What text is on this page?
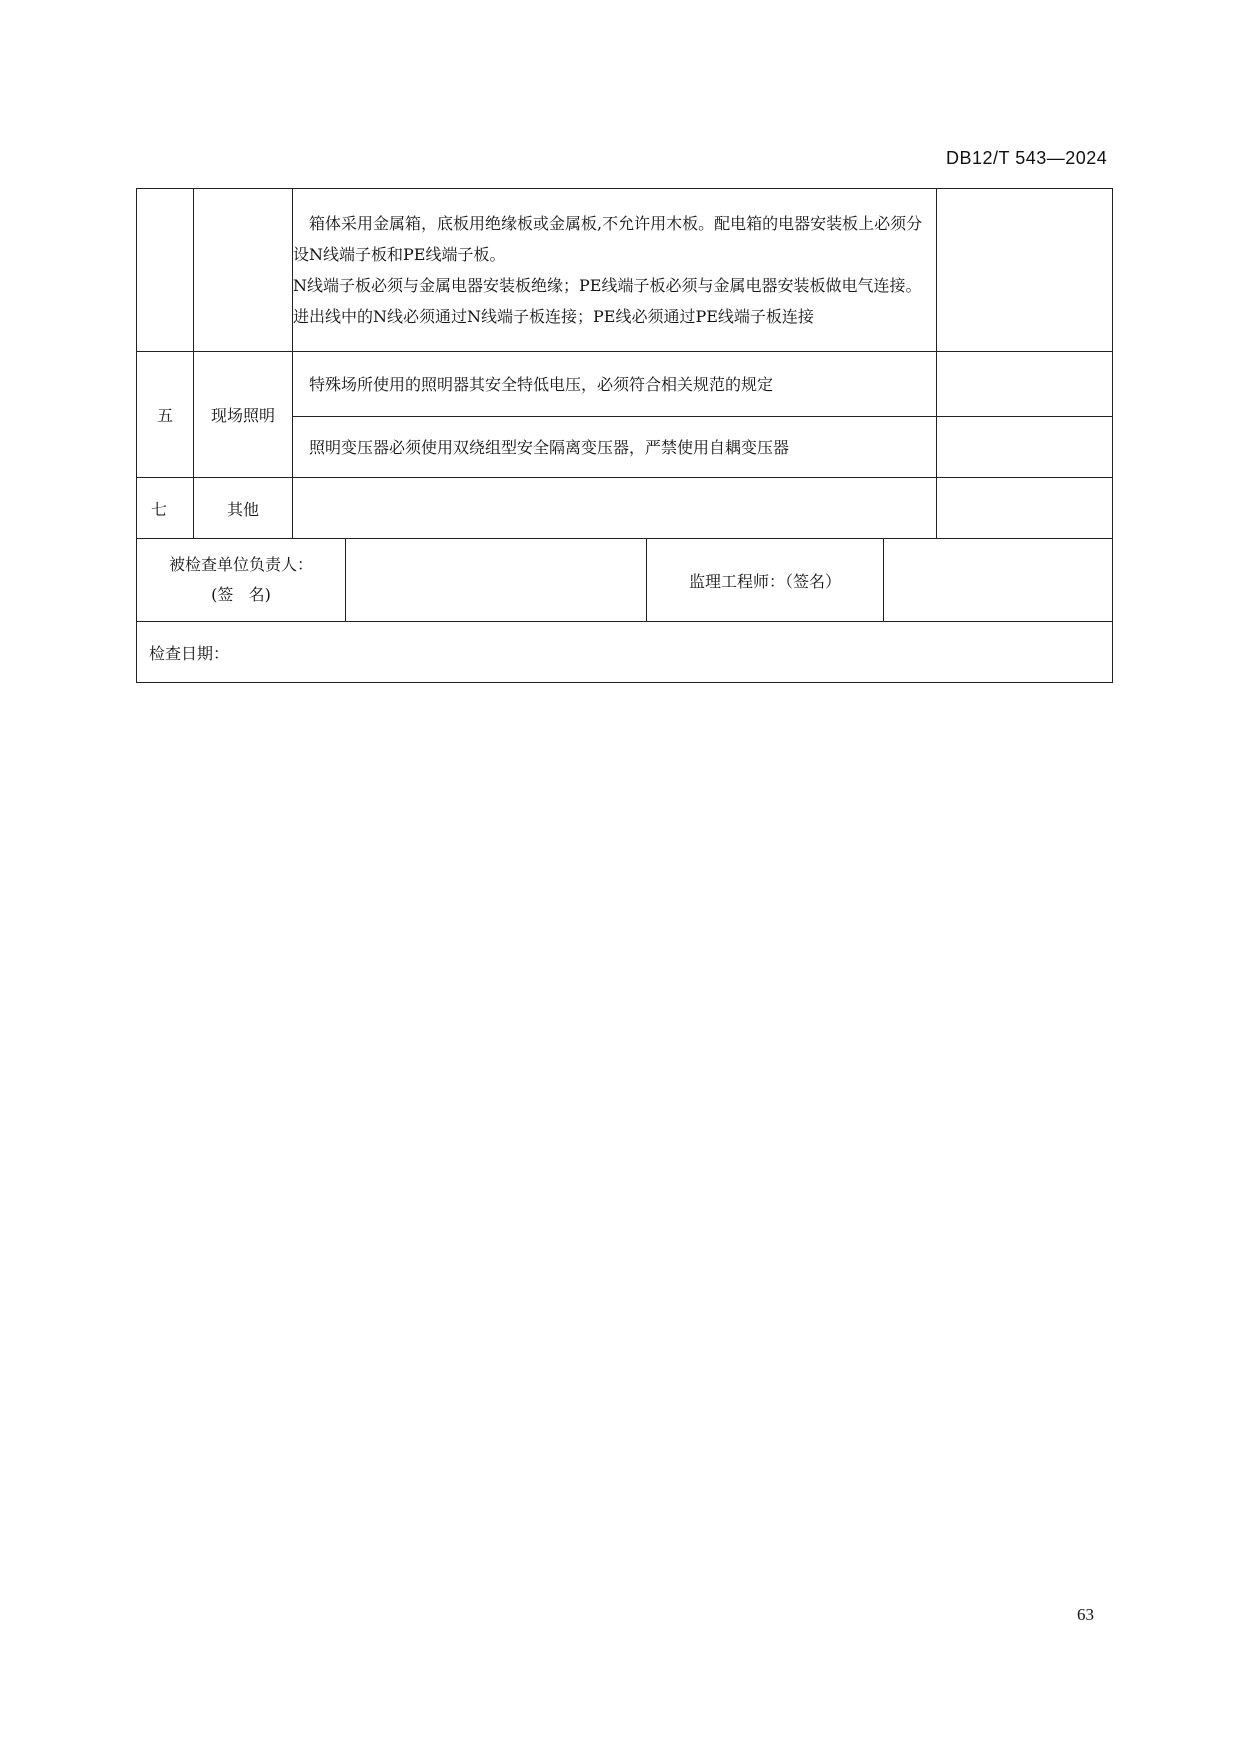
DB12/T 543—2024

		箱体采用金属箱，底板用绝缘板或金属板,不允许用木板。配电箱的电器安装板上必须分设N线端子板和PE线端子板。

N线端子板必须与金属电器安装板绝缘；PE线端子板必须与金属电器安装板做电气连接。进出线中的N线必须通过N线端子板连接；PE线必须通过PE线端子板连接	

五	现场照明	特殊场所使用的照明器其安全特低电压，必须符合相关规范的规定	
		照明变压器必须使用双绕组型安全隔离变压器，严禁使用自耦变压器	
七	其他		

被检查单位负责人：

(签   名)

		监理工程师：（签名）	
检查日期：
63
